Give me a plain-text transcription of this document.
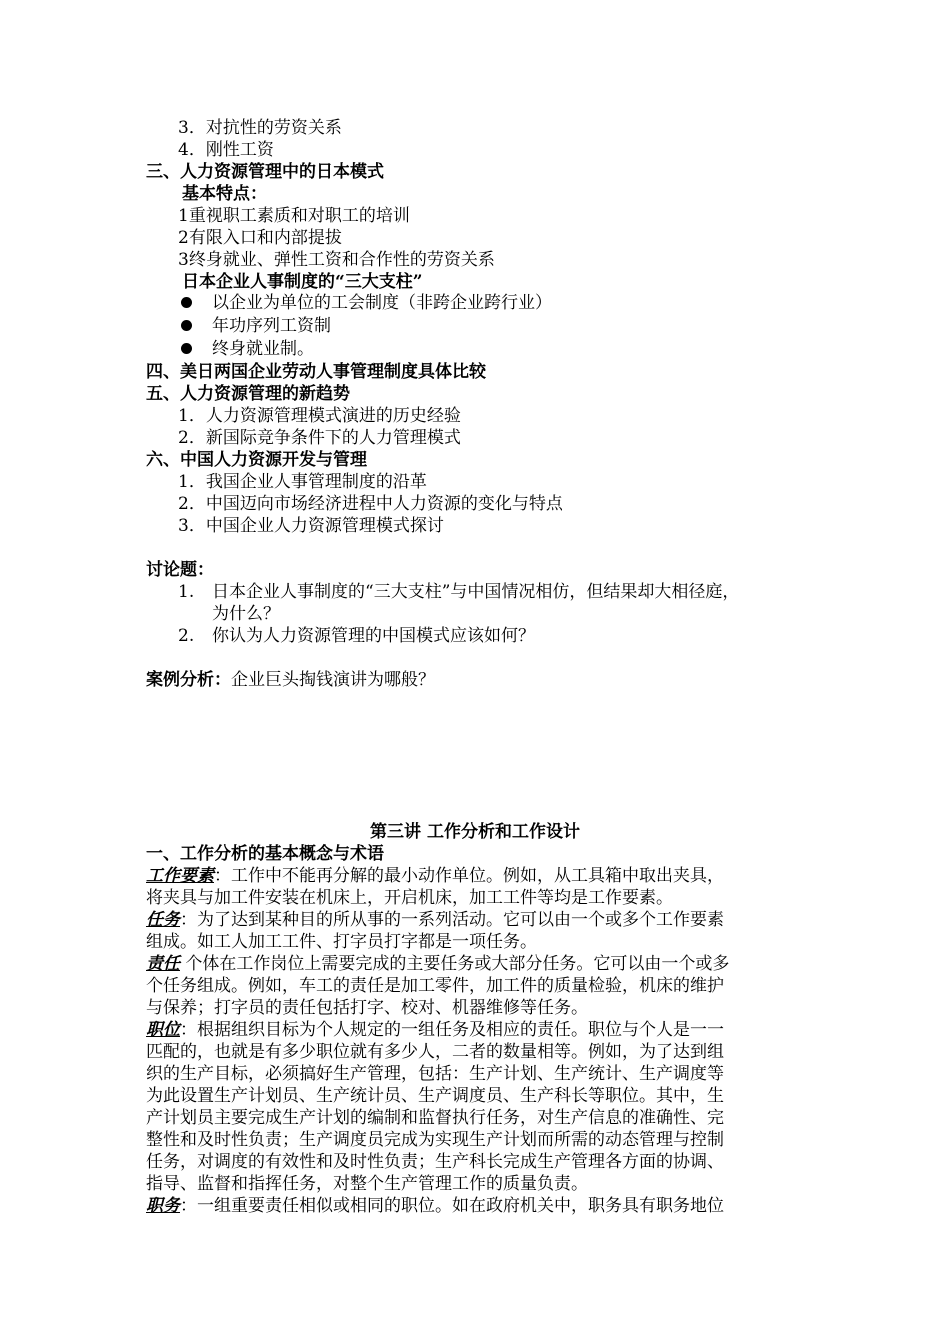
3．对抗性的劳资关系
4．刚性工资
三、人力资源管理中的日本模式
基本特点：
1重视职工素质和对职工的培训
2有限入口和内部提拔
3终身就业、弹性工资和合作性的劳资关系
日本企业人事制度的“三大支柱”
以企业为单位的工会制度（非跨企业跨行业）
年功序列工资制
终身就业制。
四、美日两国企业劳动人事管理制度具体比较
五、人力资源管理的新趋势
1．人力资源管理模式演进的历史经验
2．新国际竞争条件下的人力管理模式
六、中国人力资源开发与管理
1．我国企业人事管理制度的沿革
2．中国迈向市场经济进程中人力资源的变化与特点
3．中国企业人力资源管理模式探讨
讨论题：
1. 日本企业人事制度的“三大支柱”与中国情况相仿，但结果却大相径庭，
为什么？
2. 你认为人力资源管理的中国模式应该如何？
案例分析：企业巨头掏钱演讲为哪般？
第三讲 工作分析和工作设计
一、工作分析的基本概念与术语
工作要素：工作中不能再分解的最小动作单位。例如，从工具箱中取出夹具，
将夹具与加工件安装在机床上，开启机床，加工工件等均是工作要素。
任务：为了达到某种目的所从事的一系列活动。它可以由一个或多个工作要素
组成。如工人加工工件、打字员打字都是一项任务。
责任 个体在工作岗位上需要完成的主要任务或大部分任务。它可以由一个或多
个任务组成。例如，车工的责任是加工零件，加工件的质量检验，机床的维护
与保养；打字员的责任包括打字、校对、机器维修等任务。
职位：根据组织目标为个人规定的一组任务及相应的责任。职位与个人是一一
匹配的，也就是有多少职位就有多少人，二者的数量相等。例如，为了达到组
织的生产目标，必须搞好生产管理，包括：生产计划、生产统计、生产调度等
为此设置生产计划员、生产统计员、生产调度员、生产科长等职位。其中，生
产计划员主要完成生产计划的编制和监督执行任务，对生产信息的准确性、完
整性和及时性负责；生产调度员完成为实现生产计划而所需的动态管理与控制
任务，对调度的有效性和及时性负责；生产科长完成生产管理各方面的协调、
指导、监督和指挥任务，对整个生产管理工作的质量负责。
职务：一组重要责任相似或相同的职位。如在政府机关中，职务具有职务地位
